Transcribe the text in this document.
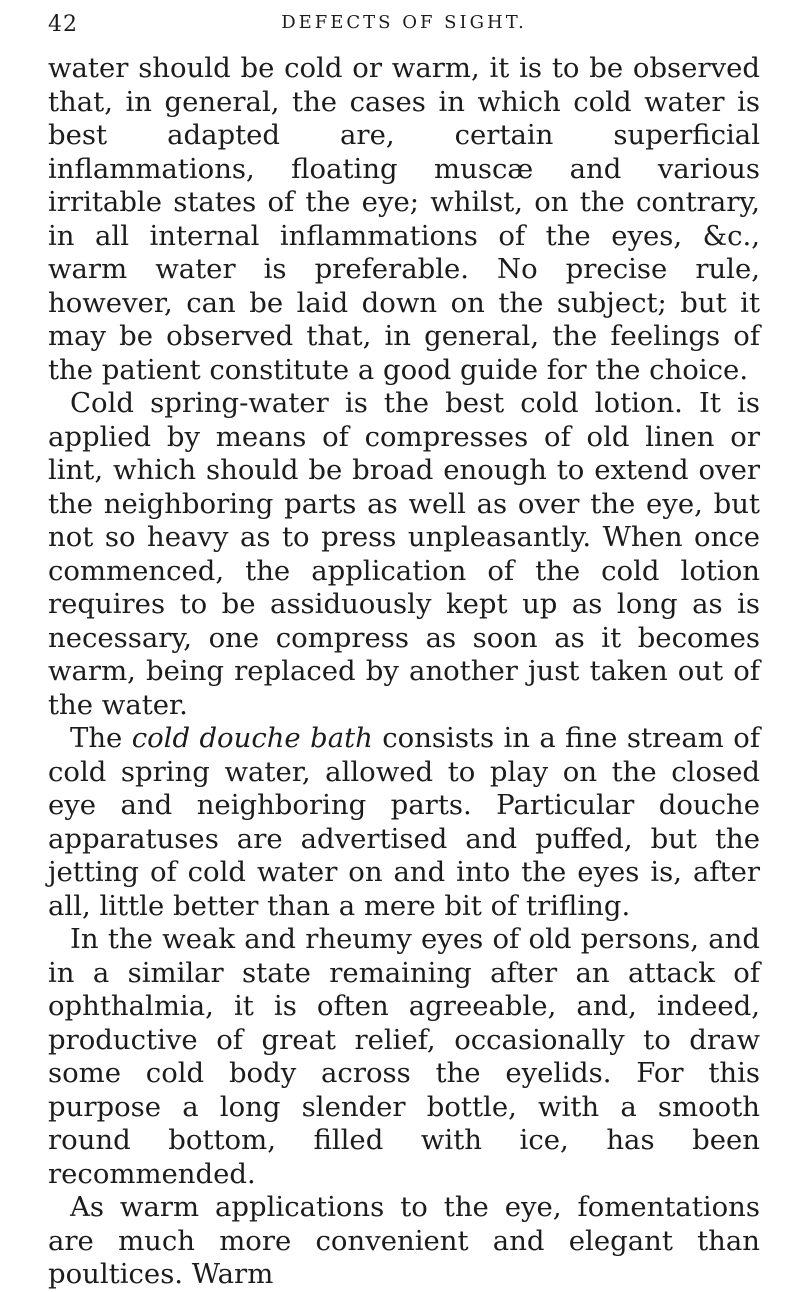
42	DEFECTS OF SIGHT.

water should be cold or warm, it is to be observed that, in general, the cases in which cold water is best adapted are, certain superficial inflammations, floating muscæ and various irritable states of the eye; whilst, on the contrary, in all internal inflammations of the eyes, &c., warm water is preferable. No precise rule, however, can be laid down on the subject; but it may be observed that, in general, the feelings of the patient constitute a good guide for the choice.

Cold spring-water is the best cold lotion. It is applied by means of compresses of old linen or lint, which should be broad enough to extend over the neighboring parts as well as over the eye, but not so heavy as to press unpleasantly. When once commenced, the application of the cold lotion requires to be assiduously kept up as long as is necessary, one compress as soon as it becomes warm, being replaced by another just taken out of the water.

The cold douche bath consists in a fine stream of cold spring water, allowed to play on the closed eye and neighboring parts. Particular douche apparatuses are advertised and puffed, but the jetting of cold water on and into the eyes is, after all, little better than a mere bit of trifling.

In the weak and rheumy eyes of old persons, and in a similar state remaining after an attack of ophthalmia, it is often agreeable, and, indeed, productive of great relief, occasionally to draw some cold body across the eyelids. For this purpose a long slender bottle, with a smooth round bottom, filled with ice, has been recommended.

As warm applications to the eye, fomentations are much more convenient and elegant than poultices. Warm
